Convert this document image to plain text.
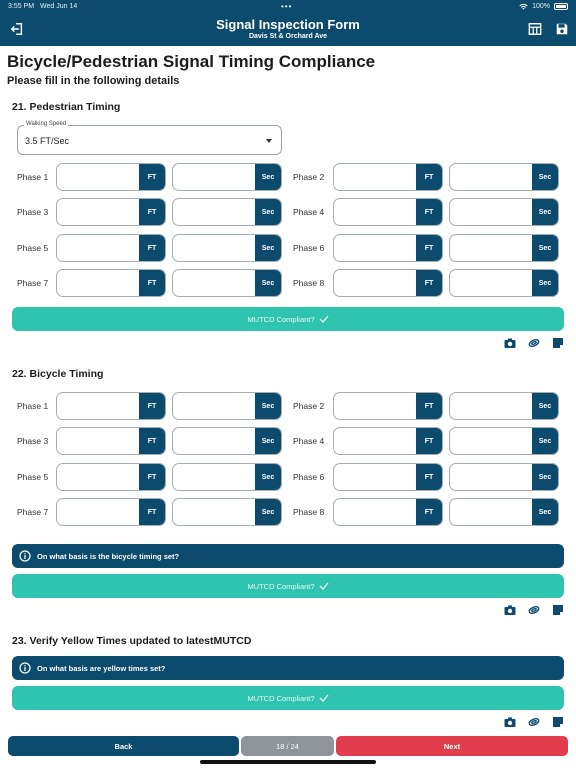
3:55 PM Wed Jun 14	•••	100%
Signal Inspection Form
Davis St & Orchard Ave
Bicycle/Pedestrian Signal Timing Compliance
Please fill in the following details
21. Pedestrian Timing
Walking Speed
3.5 FT/Sec
Phase 1	FT	Sec	Phase 2	FT	Sec
Phase 3	FT	Sec	Phase 4	FT	Sec
Phase 5	FT	Sec	Phase 6	FT	Sec
Phase 7	FT	Sec	Phase 8	FT	Sec
MUTCD Compliant?
22. Bicycle Timing
Phase 1	FT	Sec	Phase 2	FT	Sec
Phase 3	FT	Sec	Phase 4	FT	Sec
Phase 5	FT	Sec	Phase 6	FT	Sec
Phase 7	FT	Sec	Phase 8	FT	Sec
On what basis is the bicycle timing set?
MUTCD Compliant?
23. Verify Yellow Times updated to latestMUTCD
On what basis are yellow times set?
MUTCD Compliant?
Back	18 / 24	Next
